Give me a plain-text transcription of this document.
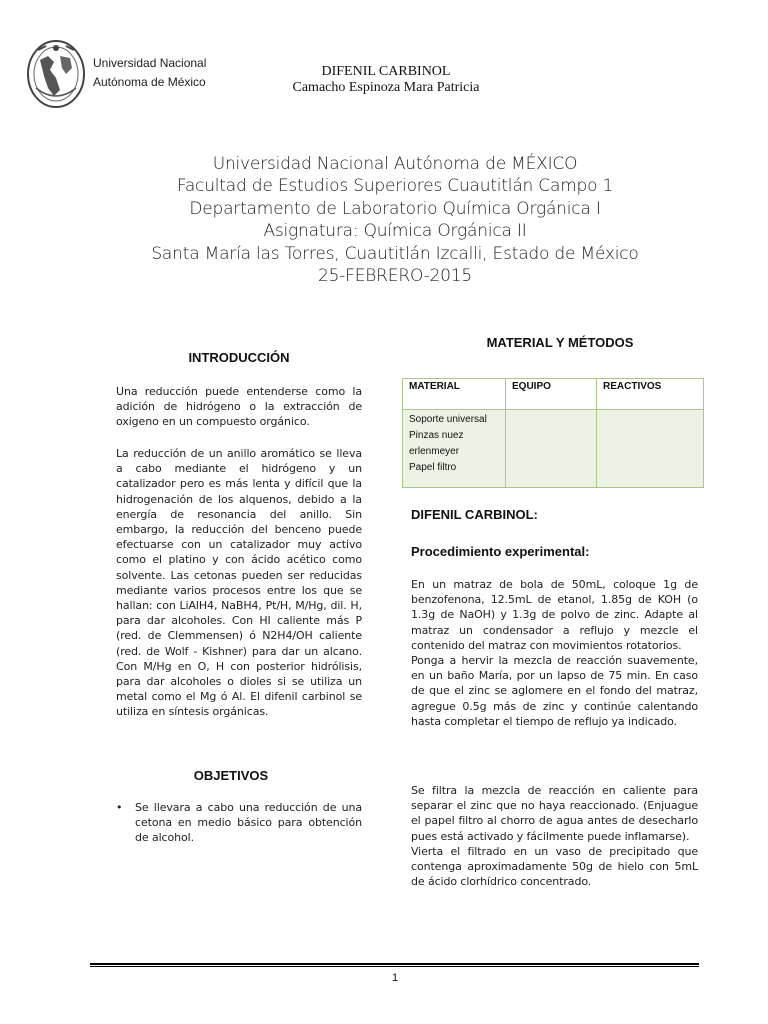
Universidad Nacional
Autónoma de México
DIFENIL CARBINOL
Camacho Espinoza Mara Patricia
Universidad Nacional Autónoma de MÉXICO
Facultad de Estudios Superiores Cuautitlán Campo 1
Departamento de Laboratorio Química Orgánica I
Asignatura: Química Orgánica II
Santa María las Torres, Cuautitlán Izcalli, Estado de México
25-FEBRERO-2015
INTRODUCCIÓN
Una reducción puede entenderse como la adición de hidrógeno o la extracción de oxigeno en un compuesto orgánico.
La reducción de un anillo aromático se lleva a cabo mediante el hidrógeno y un catalizador pero es más lenta y difícil que la hidrogenación de los alquenos, debido a la energía de resonancia del anillo. Sin embargo, la reducción del benceno puede efectuarse con un catalizador muy activo como el platino y con ácido acético como solvente. Las cetonas pueden ser reducidas mediante varios procesos entre los que se hallan: con LiAlH4, NaBH4, Pt/H, M/Hg, dil. H, para dar alcoholes. Con HI caliente más P (red. de Clemmensen) ó N2H4/OH caliente (red. de Wolf - Kishner) para dar un alcano. Con M/Hg en O, H con posterior hidrólisis, para dar alcoholes o dioles si se utiliza un metal como el Mg ó Al. El difenil carbinol se utiliza en síntesis orgánicas.
OBJETIVOS
•	Se llevara a cabo una reducción de una cetona en medio básico para obtención de alcohol.
MATERIAL Y MÉTODOS
MATERIAL	EQUIPO	REACTIVOS

Soporte universal
Pinzas nuez
erlenmeyer
Papel filtro		

DIFENIL CARBINOL:
Procedimiento experimental:

En un matraz de bola de 50mL, coloque 1g de benzofenona, 12.5mL de etanol, 1.85g de KOH (o 1.3g de NaOH) y 1.3g de polvo de zinc. Adapte al matraz un condensador a reflujo y mezcle el contenido del matraz con movimientos rotatorios.

Ponga a hervir la mezcla de reacción suavemente, en un baño María, por un lapso de 75 min. En caso de que el zinc se aglomere en el fondo del matraz, agregue 0.5g más de zinc y continúe calentando hasta completar el tiempo de reflujo ya indicado.

Se filtra la mezcla de reacción en caliente para separar el zinc que no haya reaccionado. (Enjuague el papel filtro al chorro de agua antes de desecharlo pues está activado y fácilmente puede inflamarse).

Vierta el filtrado en un vaso de precipitado que contenga aproximadamente 50g de hielo con 5mL de ácido clorhídrico concentrado.

1
